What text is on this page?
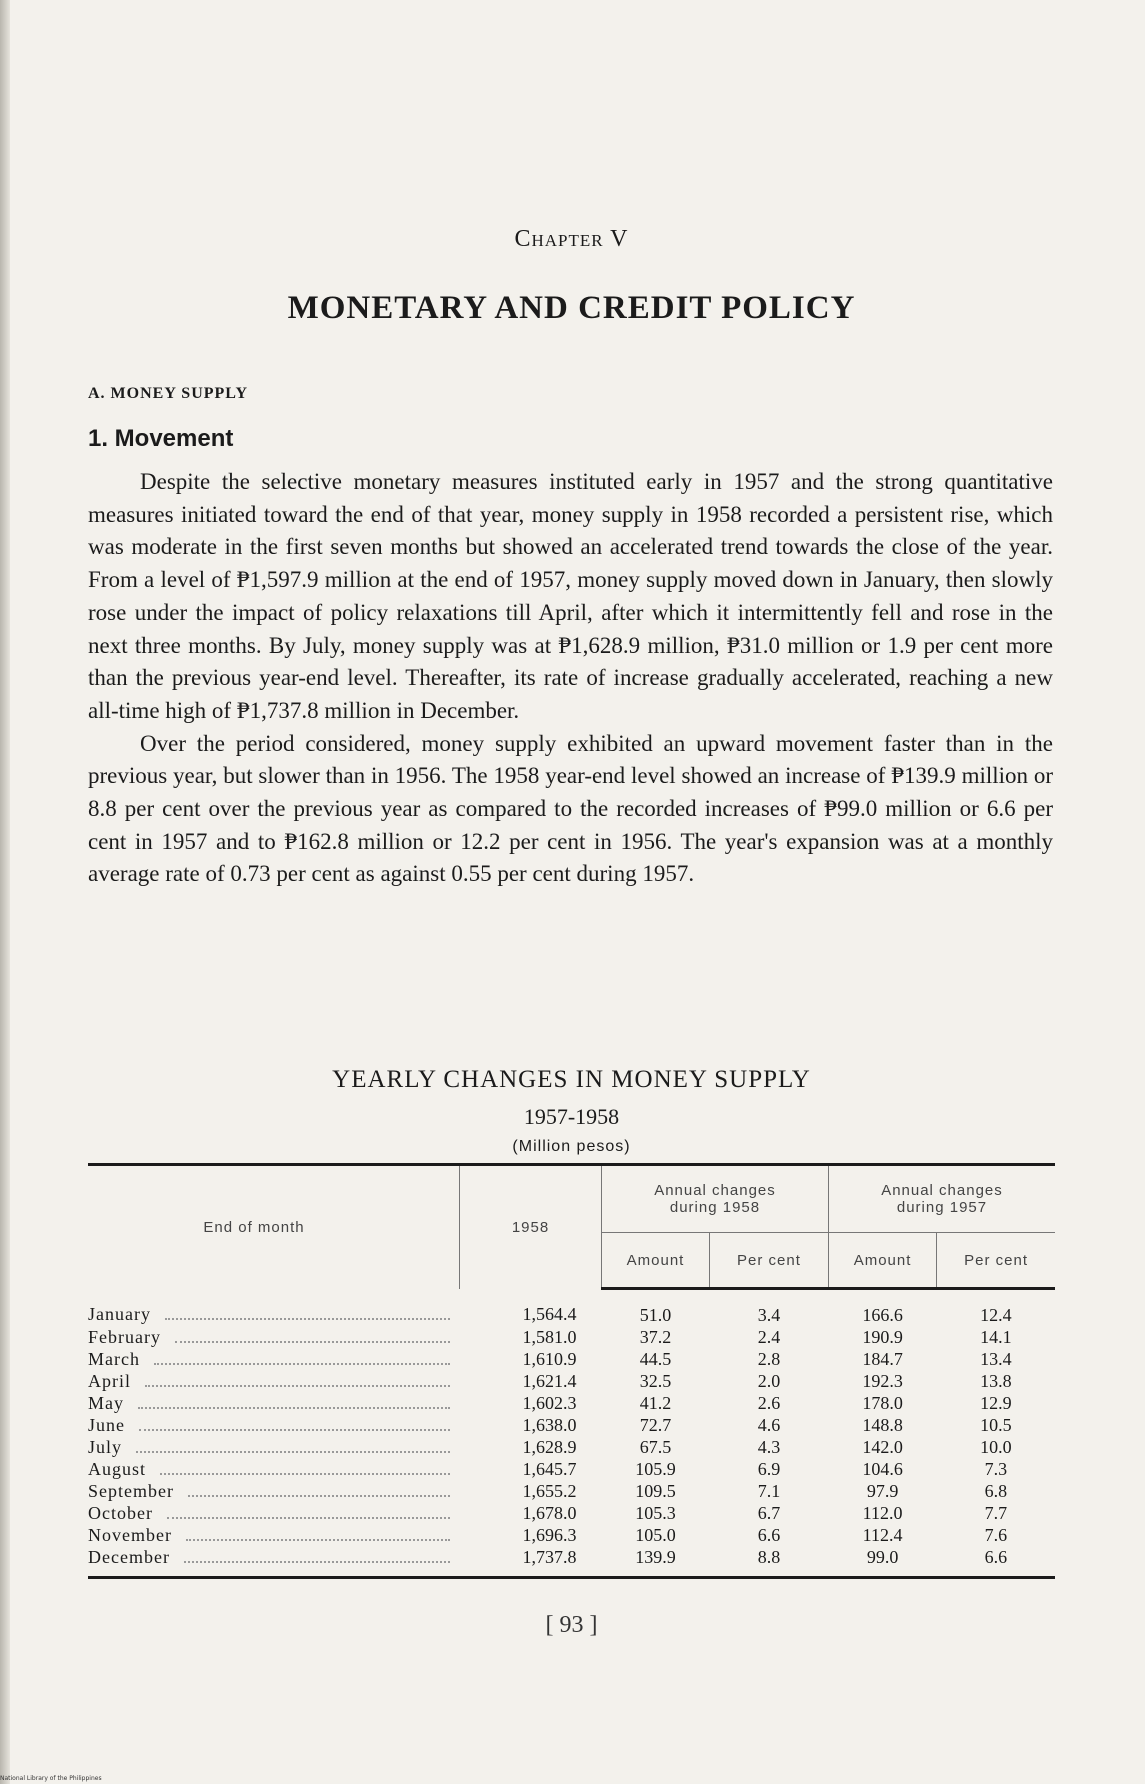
Chapter V
MONETARY AND CREDIT POLICY
A. MONEY SUPPLY
1. Movement

Despite the selective monetary measures instituted early in 1957 and the strong quantitative measures initiated toward the end of that year, money supply in 1958 recorded a persistent rise, which was moderate in the first seven months but showed an accelerated trend towards the close of the year. From a level of ₱1,597.9 million at the end of 1957, money supply moved down in January, then slowly rose under the impact of policy relaxations till April, after which it intermittently fell and rose in the next three months. By July, money supply was at ₱1,628.9 million, ₱31.0 million or 1.9 per cent more than the previous year-end level. Thereafter, its rate of increase gradually accelerated, reaching a new all-time high of ₱1,737.8 million in December.

Over the period considered, money supply exhibited an upward movement faster than in the previous year, but slower than in 1956. The 1958 year-end level showed an increase of ₱139.9 million or 8.8 per cent over the previous year as compared to the recorded increases of ₱99.0 million or 6.6 per cent in 1957 and to ₱162.8 million or 12.2 per cent in 1956. The year's expansion was at a monthly average rate of 0.73 per cent as against 0.55 per cent during 1957.

YEARLY CHANGES IN MONEY SUPPLY
1957-1958
(Million pesos)
End of month	1958	Annual changes during 1958		Annual changes during 1957	
		Amount	Per cent	Amount	Per cent

January	1,564.4	51.0	3.4	166.6	12.4

February	1,581.0	37.2	2.4	190.9	14.1

March	1,610.9	44.5	2.8	184.7	13.4

April	1,621.4	32.5	2.0	192.3	13.8

May	1,602.3	41.2	2.6	178.0	12.9

June	1,638.0	72.7	4.6	148.8	10.5

July	1,628.9	67.5	4.3	142.0	10.0

August	1,645.7	105.9	6.9	104.6	7.3

September	1,655.2	109.5	7.1	97.9	6.8

October	1,678.0	105.3	6.7	112.0	7.7

November	1,696.3	105.0	6.6	112.4	7.6

December	1,737.8	139.9	8.8	99.0	6.6
[ 93 ]
National Library of the Philippines
